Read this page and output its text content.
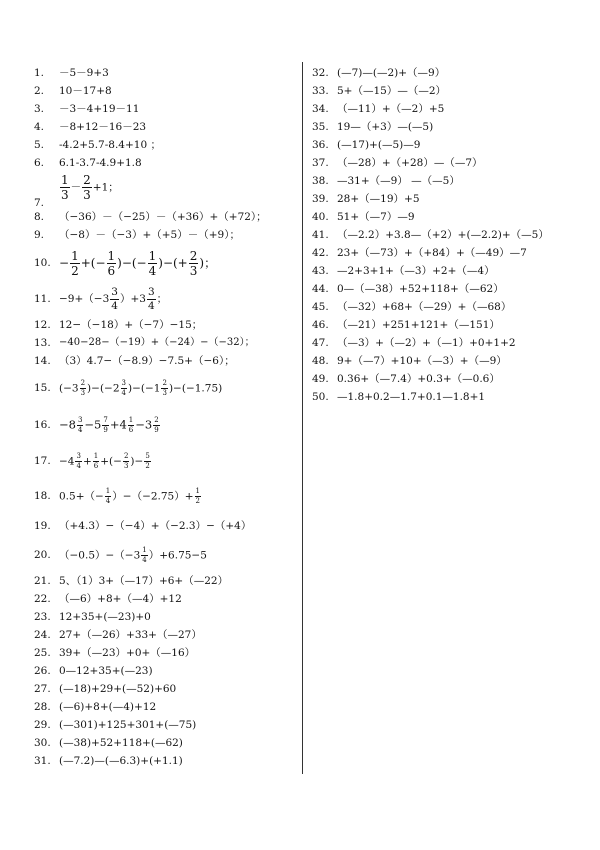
1.	－5－9+3
2.	10－17+8
3.	－3－4+19－11
4.	－8+12－16－23
5.	-4.2+5.7-8.4+10 ；
6.	6.1-3.7-4.9+1.8
7.
$\frac{1}{3} - \frac{2}{3} +1$；
8.	（−36）－（−25）－（+36）+（+72）；
9.	（−8）－（−3）+（+5）－（+9）；
10. − $\frac{1}{2}$ +(− $\frac{1}{6}$ )−(− $\frac{1}{4}$ )−(+ $\frac{2}{3}$ )；
11. $-9+(-3 \frac{3}{4} )+3 \frac{3}{4}$ ；
12. 12−（−18）+（−7）−15；
13. −40−28−（−19）+（−24）−（−32）；
14. （3）4.7−（−8.9）−7.5+（−6）；
15. $(-3 \frac{2}{3} )-(-2 \frac{3}{4} )-(-1 \frac{2}{3} )-(-1.75)$
16. $-8 \frac{3}{4} -5 \frac{7}{9} +4 \frac{1}{6} -3 \frac{2}{9}$
17. $-4 \frac{3}{4} + \frac{1}{6}$ +(− $\frac{2}{3}$ )− $\frac{5}{2}$
18. $0.5+(- \frac{1}{4} )-(-2.75)+ \frac{1}{2}$
19. （+4.3）−（−4）+（−2.3）−（+4）
20. $(-0.5)-(-3 \frac{1}{4} )+6.75-5$
21. 5、（1）3+（—17）+6+（—22）
22. （—6）+8+（—4）+12
23. 12+35+(—23)+0
24. 27+（—26）+33+（—27）
25. 39+（—23）+0+（—16）
26. 0—12+35+(—23)
27. (—18)+29+(—52)+60
28. (—6)+8+(—4)+12
29. (—301)+125+301+(—75)
30. (—38)+52+118+(—62)
31. (—7.2)—(—6.3)+(+1.1)
32. (—7)—(—2)+（—9）
33. 5+（—15）—（—2）
34. （—11）+（—2）+5
35. 19—（+3）—(—5)
36. (—17)+(—5)—9
37. （—28）+（+28）—（—7）
38. —31+（—9） —（—5）
39. 28+（—19）+5
40. 51+（—7）—9
41. （—2.2）+3.8—（+2）+(—2.2)+（—5）
42. 23+（—73）+（+84）+（—49）—7
43. —2+3+1+（—3）+2+（—4）
44. 0—（—38）+52+118+（—62）
45. （—32）+68+（—29）+（—68）
46. （—21）+251+121+（—151）
47. （—3）+（—2）+（—1）+0+1+2
48. 9+（—7）+10+（—3）+（—9）
49. 0.36+（—7.4）+0.3+（—0.6）
50. —1.8+0.2—1.7+0.1—1.8+1
